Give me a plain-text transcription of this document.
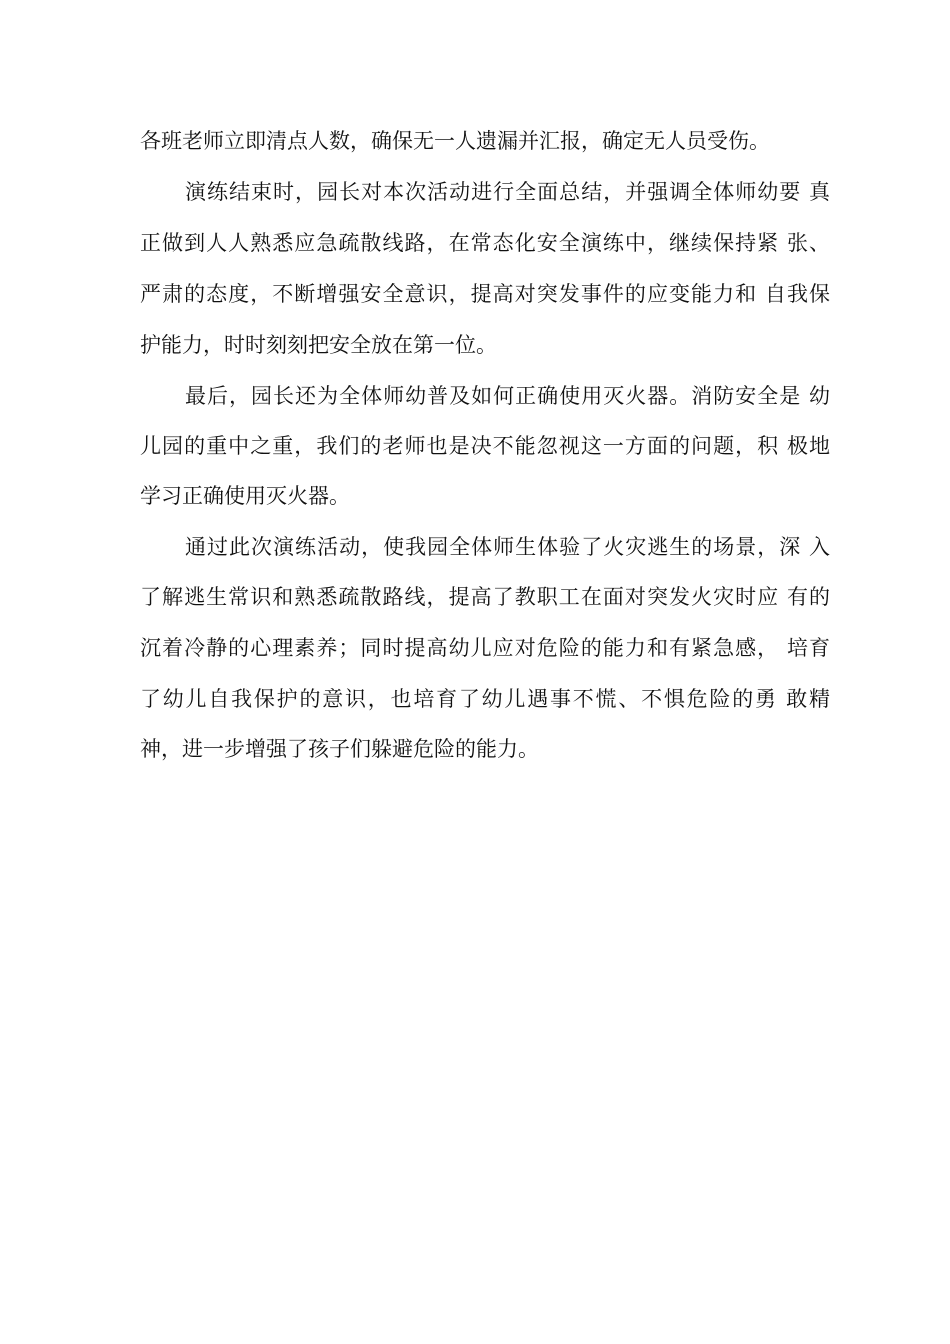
各班老师立即清点人数，确保无一人遗漏并汇报，确定无人员受伤。
演练结束时，园长对本次活动进行全面总结，并强调全体师幼要 真
正做到人人熟悉应急疏散线路，在常态化安全演练中，继续保持紧 张、
严肃的态度，不断增强安全意识，提高对突发事件的应变能力和 自我保
护能力，时时刻刻把安全放在第一位。
最后，园长还为全体师幼普及如何正确使用灭火器。消防安全是 幼
儿园的重中之重，我们的老师也是决不能忽视这一方面的问题，积 极地
学习正确使用灭火器。
通过此次演练活动，使我园全体师生体验了火灾逃生的场景，深 入
了解逃生常识和熟悉疏散路线，提高了教职工在面对突发火灾时应 有的
沉着冷静的心理素养；同时提高幼儿应对危险的能力和有紧急感， 培育
了幼儿自我保护的意识，也培育了幼儿遇事不慌、不惧危险的勇 敢精
神，进一步增强了孩子们躲避危险的能力。
